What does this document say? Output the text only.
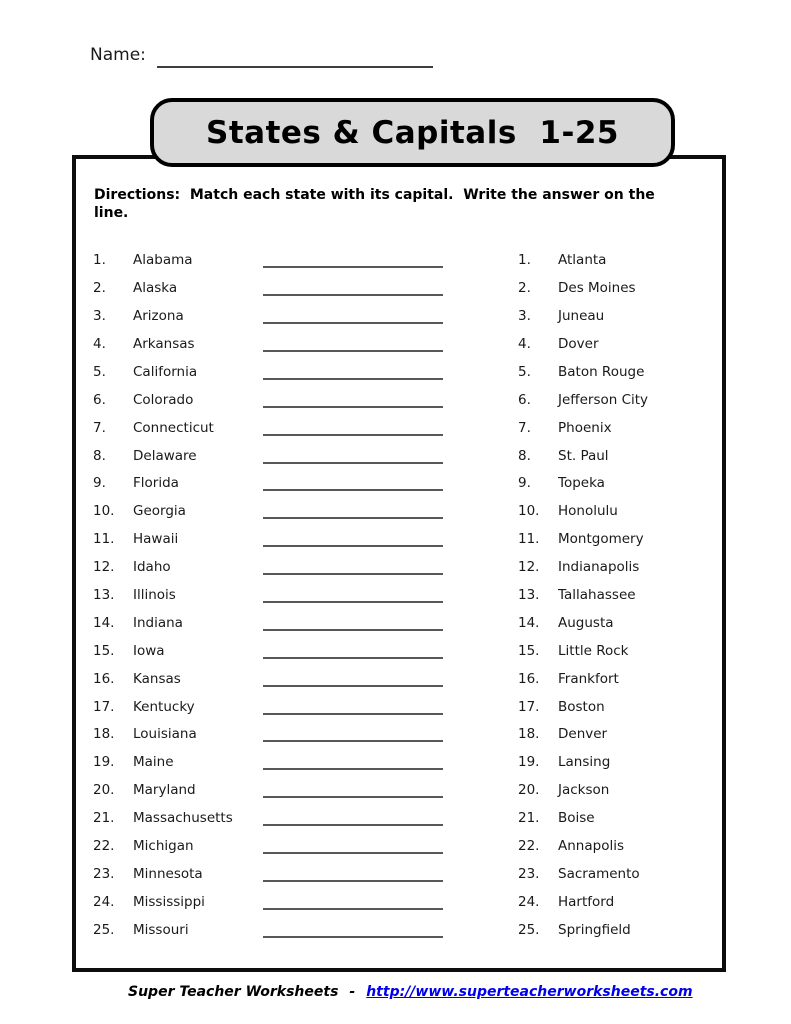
Name:
States & Capitals  1-25
Directions:  Match each state with its capital.  Write the answer on the line.
1.	Alabama
2.	Alaska
3.	Arizona
4.	Arkansas
5.	California
6.	Colorado
7.	Connecticut
8.	Delaware
9.	Florida
10.	Georgia
11.	Hawaii
12.	Idaho
13.	Illinois
14.	Indiana
15.	Iowa
16.	Kansas
17.	Kentucky
18.	Louisiana
19.	Maine
20.	Maryland
21.	Massachusetts
22.	Michigan
23.	Minnesota
24.	Mississippi
25.	Missouri
1.	Atlanta
2.	Des Moines
3.	Juneau
4.	Dover
5.	Baton Rouge
6.	Jefferson City
7.	Phoenix
8.	St. Paul
9.	Topeka
10.	Honolulu
11.	Montgomery
12.	Indianapolis
13.	Tallahassee
14.	Augusta
15.	Little Rock
16.	Frankfort
17.	Boston
18.	Denver
19.	Lansing
20.	Jackson
21.	Boise
22.	Annapolis
23.	Sacramento
24.	Hartford
25.	Springfield
Super Teacher Worksheets - http://www.superteacherworksheets.com
